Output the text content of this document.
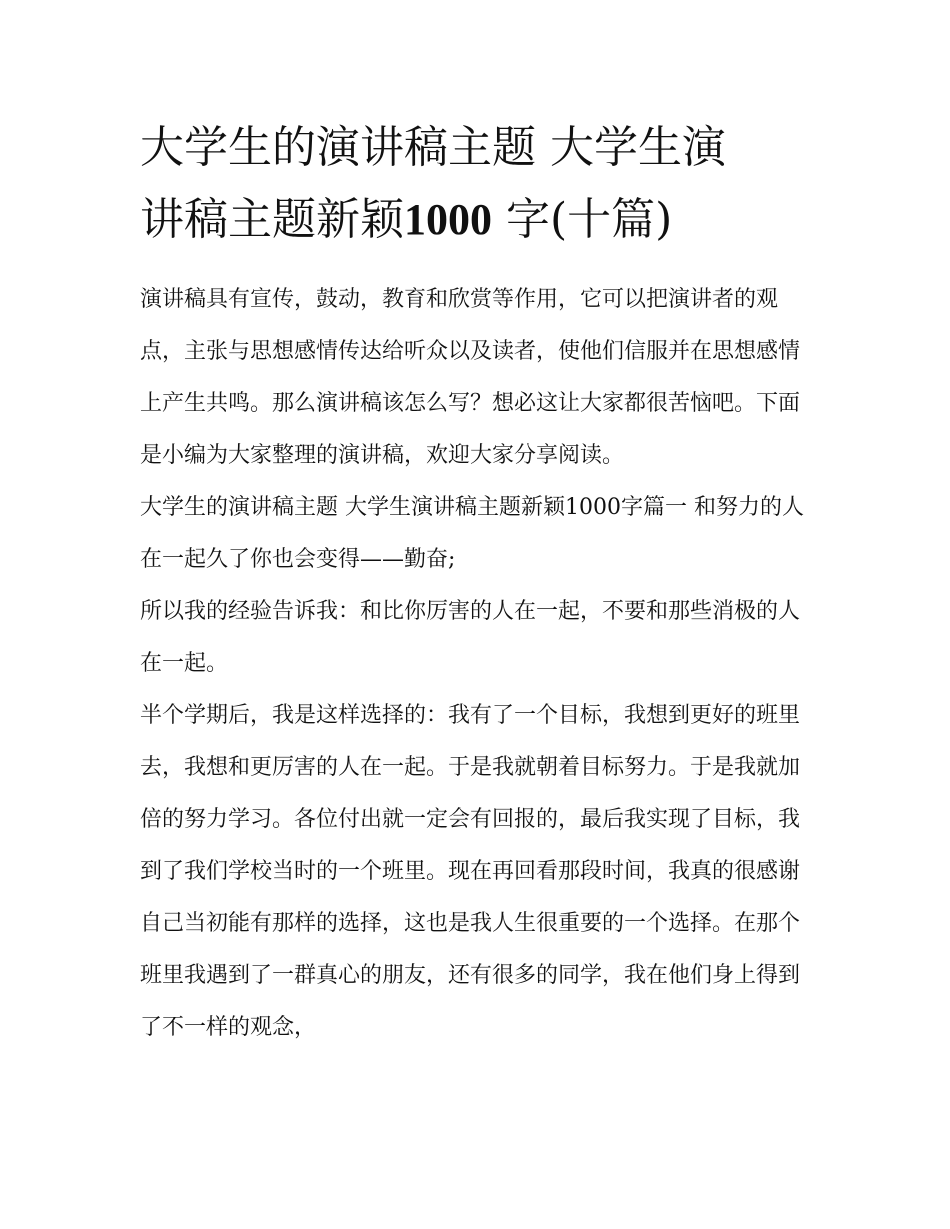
大学生的演讲稿主题 大学生演
讲稿主题新颖1000 字(十篇)

演讲稿具有宣传，鼓动，教育和欣赏等作用，它可以把演讲者的观点，主张与思想感情传达给听众以及读者，使他们信服并在思想感情上产生共鸣。那么演讲稿该怎么写？想必这让大家都很苦恼吧。下面是小编为大家整理的演讲稿，欢迎大家分享阅读。

大学生的演讲稿主题 大学生演讲稿主题新颖1000字篇一 和努力的人在一起久了你也会变得——勤奋;

所以我的经验告诉我：和比你厉害的人在一起，不要和那些消极的人在一起。

半个学期后，我是这样选择的：我有了一个目标，我想到更好的班里去，我想和更厉害的人在一起。于是我就朝着目标努力。于是我就加倍的努力学习。各位付出就一定会有回报的，最后我实现了目标，我到了我们学校当时的一个班里。现在再回看那段时间，我真的很感谢自己当初能有那样的选择，这也是我人生很重要的一个选择。在那个班里我遇到了一群真心的朋友，还有很多的同学，我在他们身上得到了不一样的观念，
